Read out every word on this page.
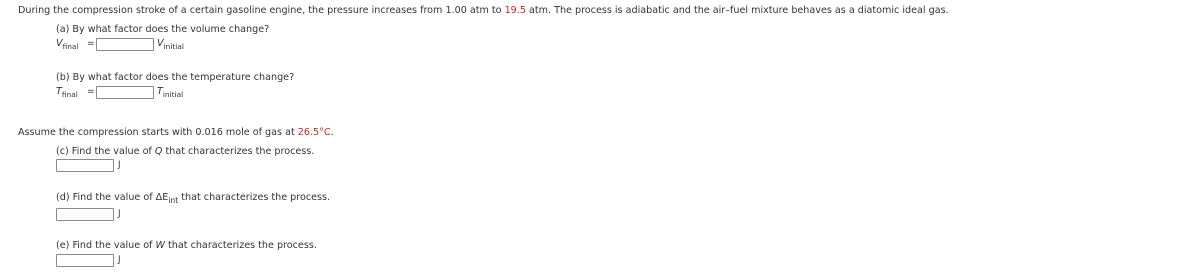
During the compression stroke of a certain gasoline engine, the pressure increases from 1.00 atm to 19.5 atm. The process is adiabatic and the air–fuel mixture behaves as a diatomic ideal gas.
(a) By what factor does the volume change?
$V_{final}$ =	$V_{initial}$
(b) By what factor does the temperature change?
$T_{final}$ =	$T_{initial}$
Assume the compression starts with 0.016 mole of gas at 26.5°C.
(c) Find the value of Q that characterizes the process.
J
(d) Find the value of $\Delta E_{int}$ that characterizes the process.
J
(e) Find the value of W that characterizes the process.
J
